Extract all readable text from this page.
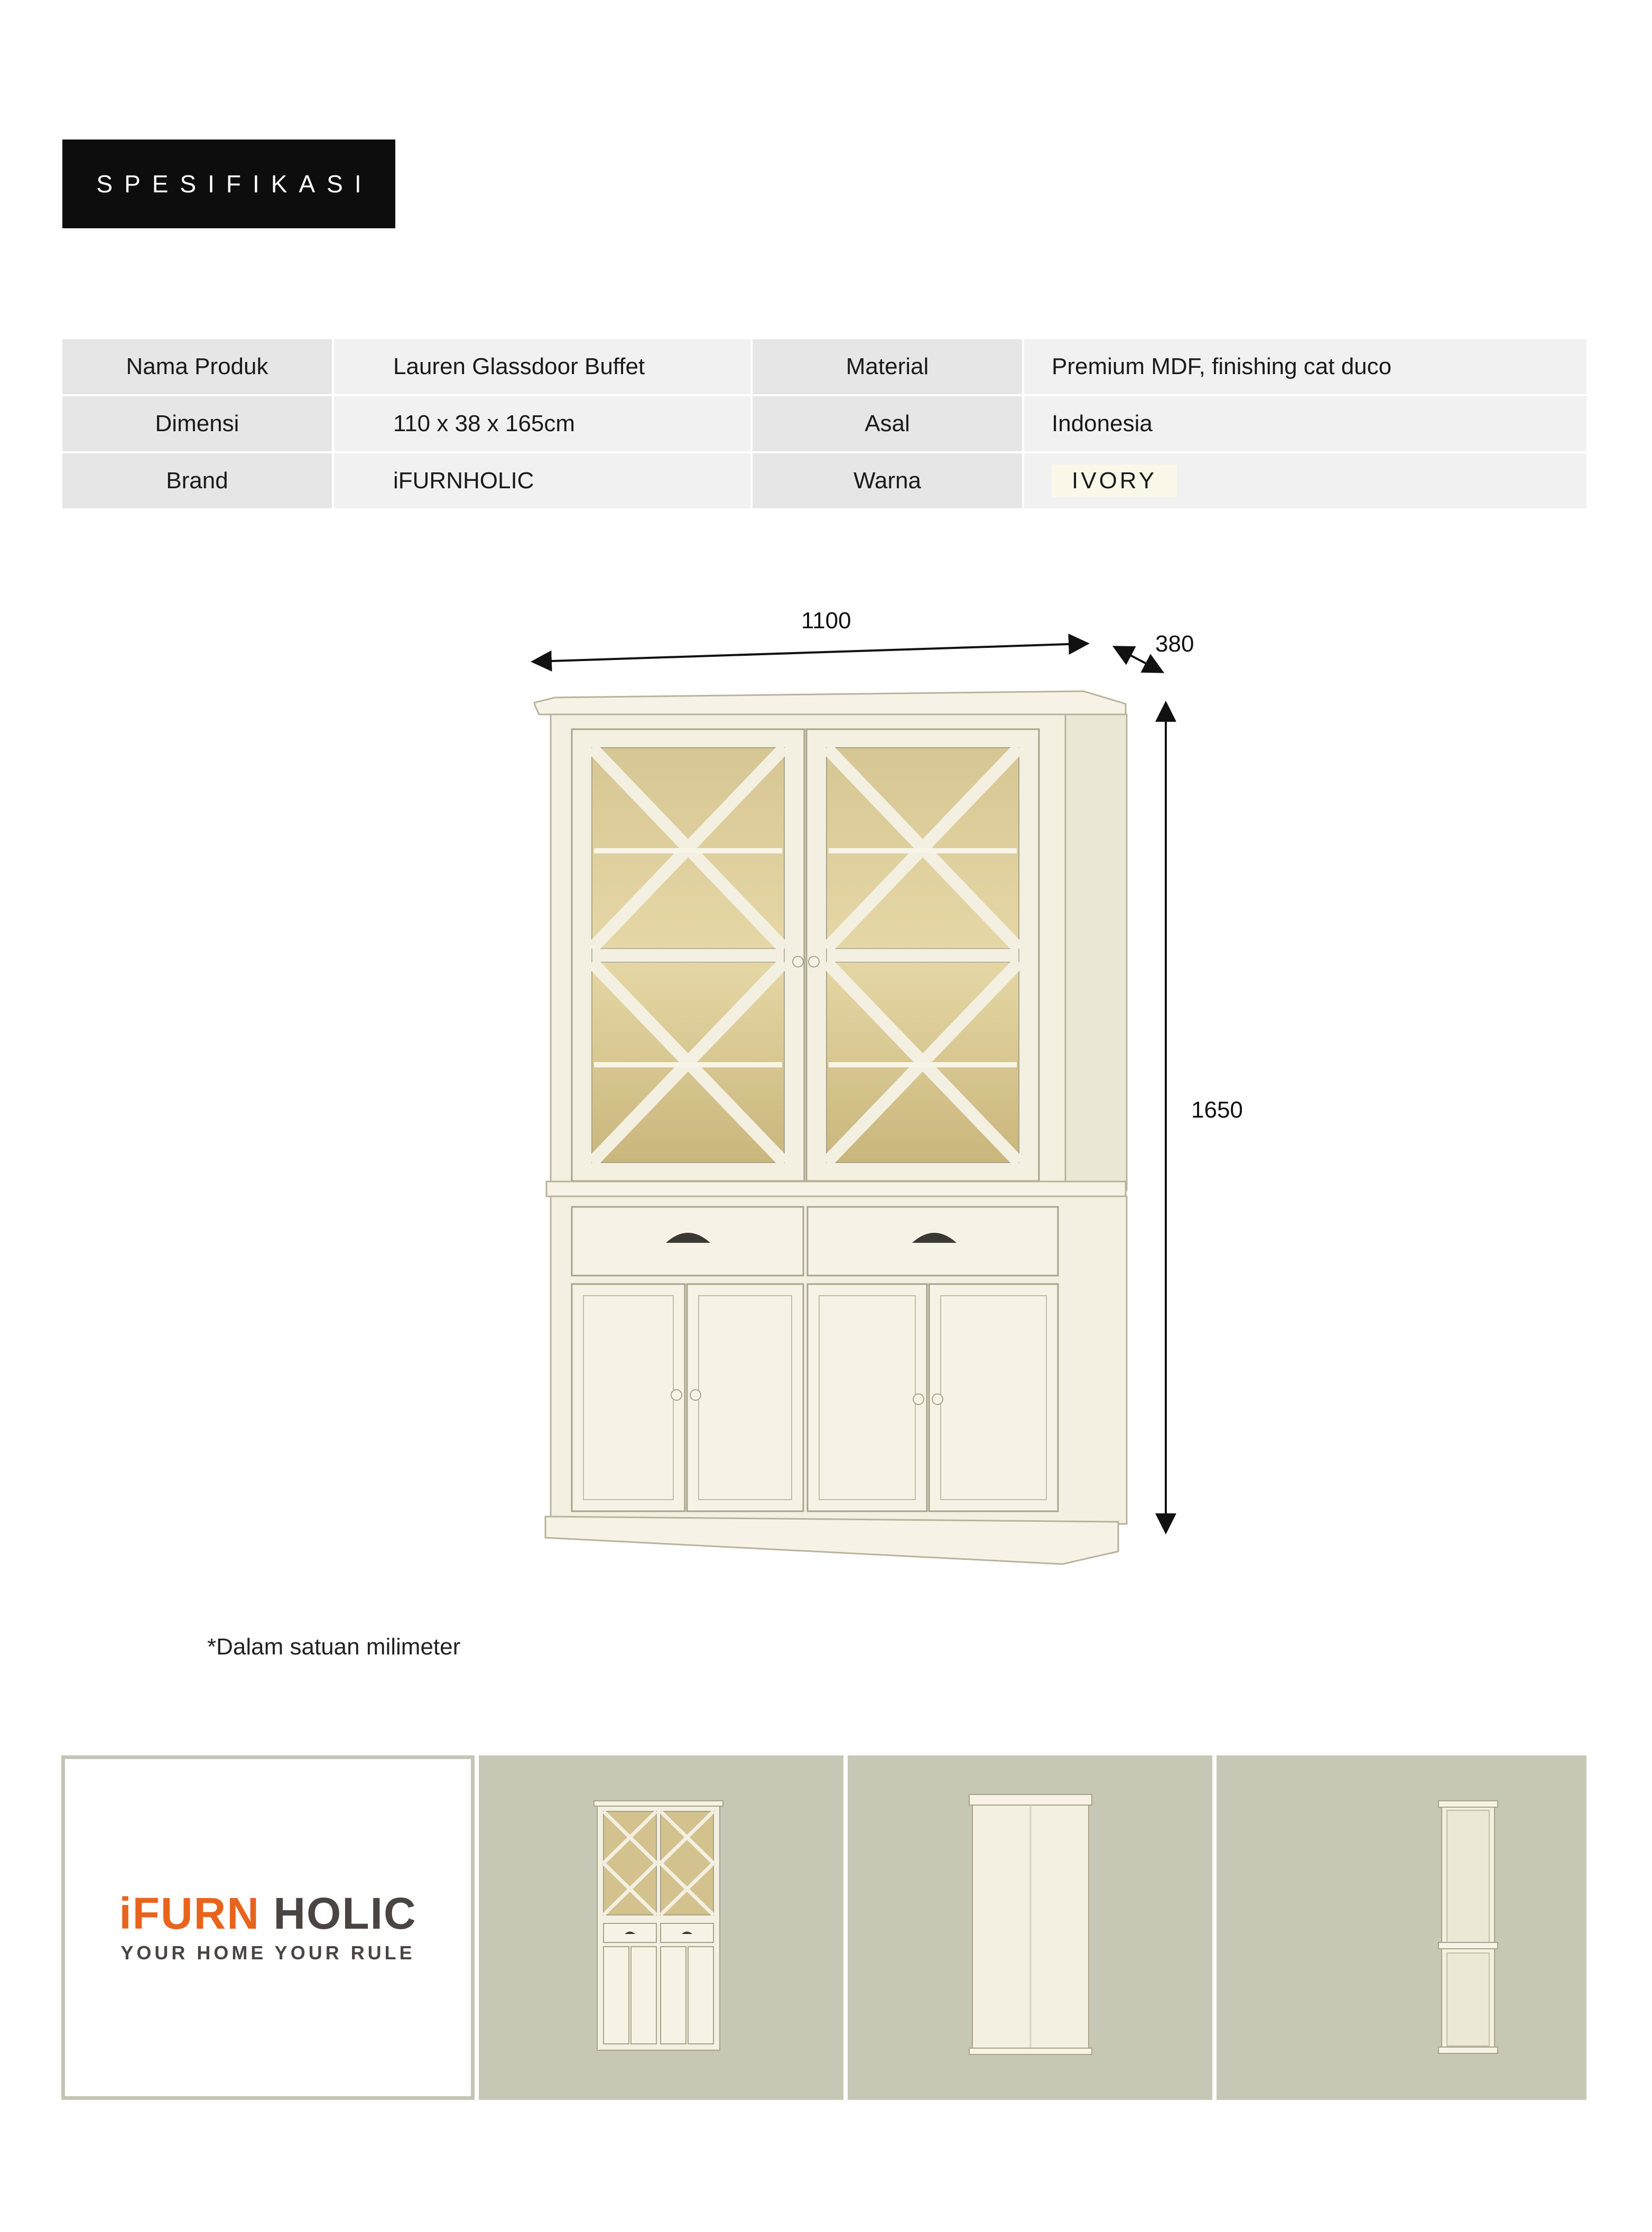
SPESIFIKASI
Nama Produk	Lauren Glassdoor Buffet	Material	Premium MDF, finishing cat duco
Dimensi	110 x 38 x 165cm	Asal	Indonesia
Brand	iFURNHOLIC	Warna	IVORY
1100
380
1650
*Dalam satuan milimeter
iFURN HOLIC
YOUR HOME YOUR RULE
